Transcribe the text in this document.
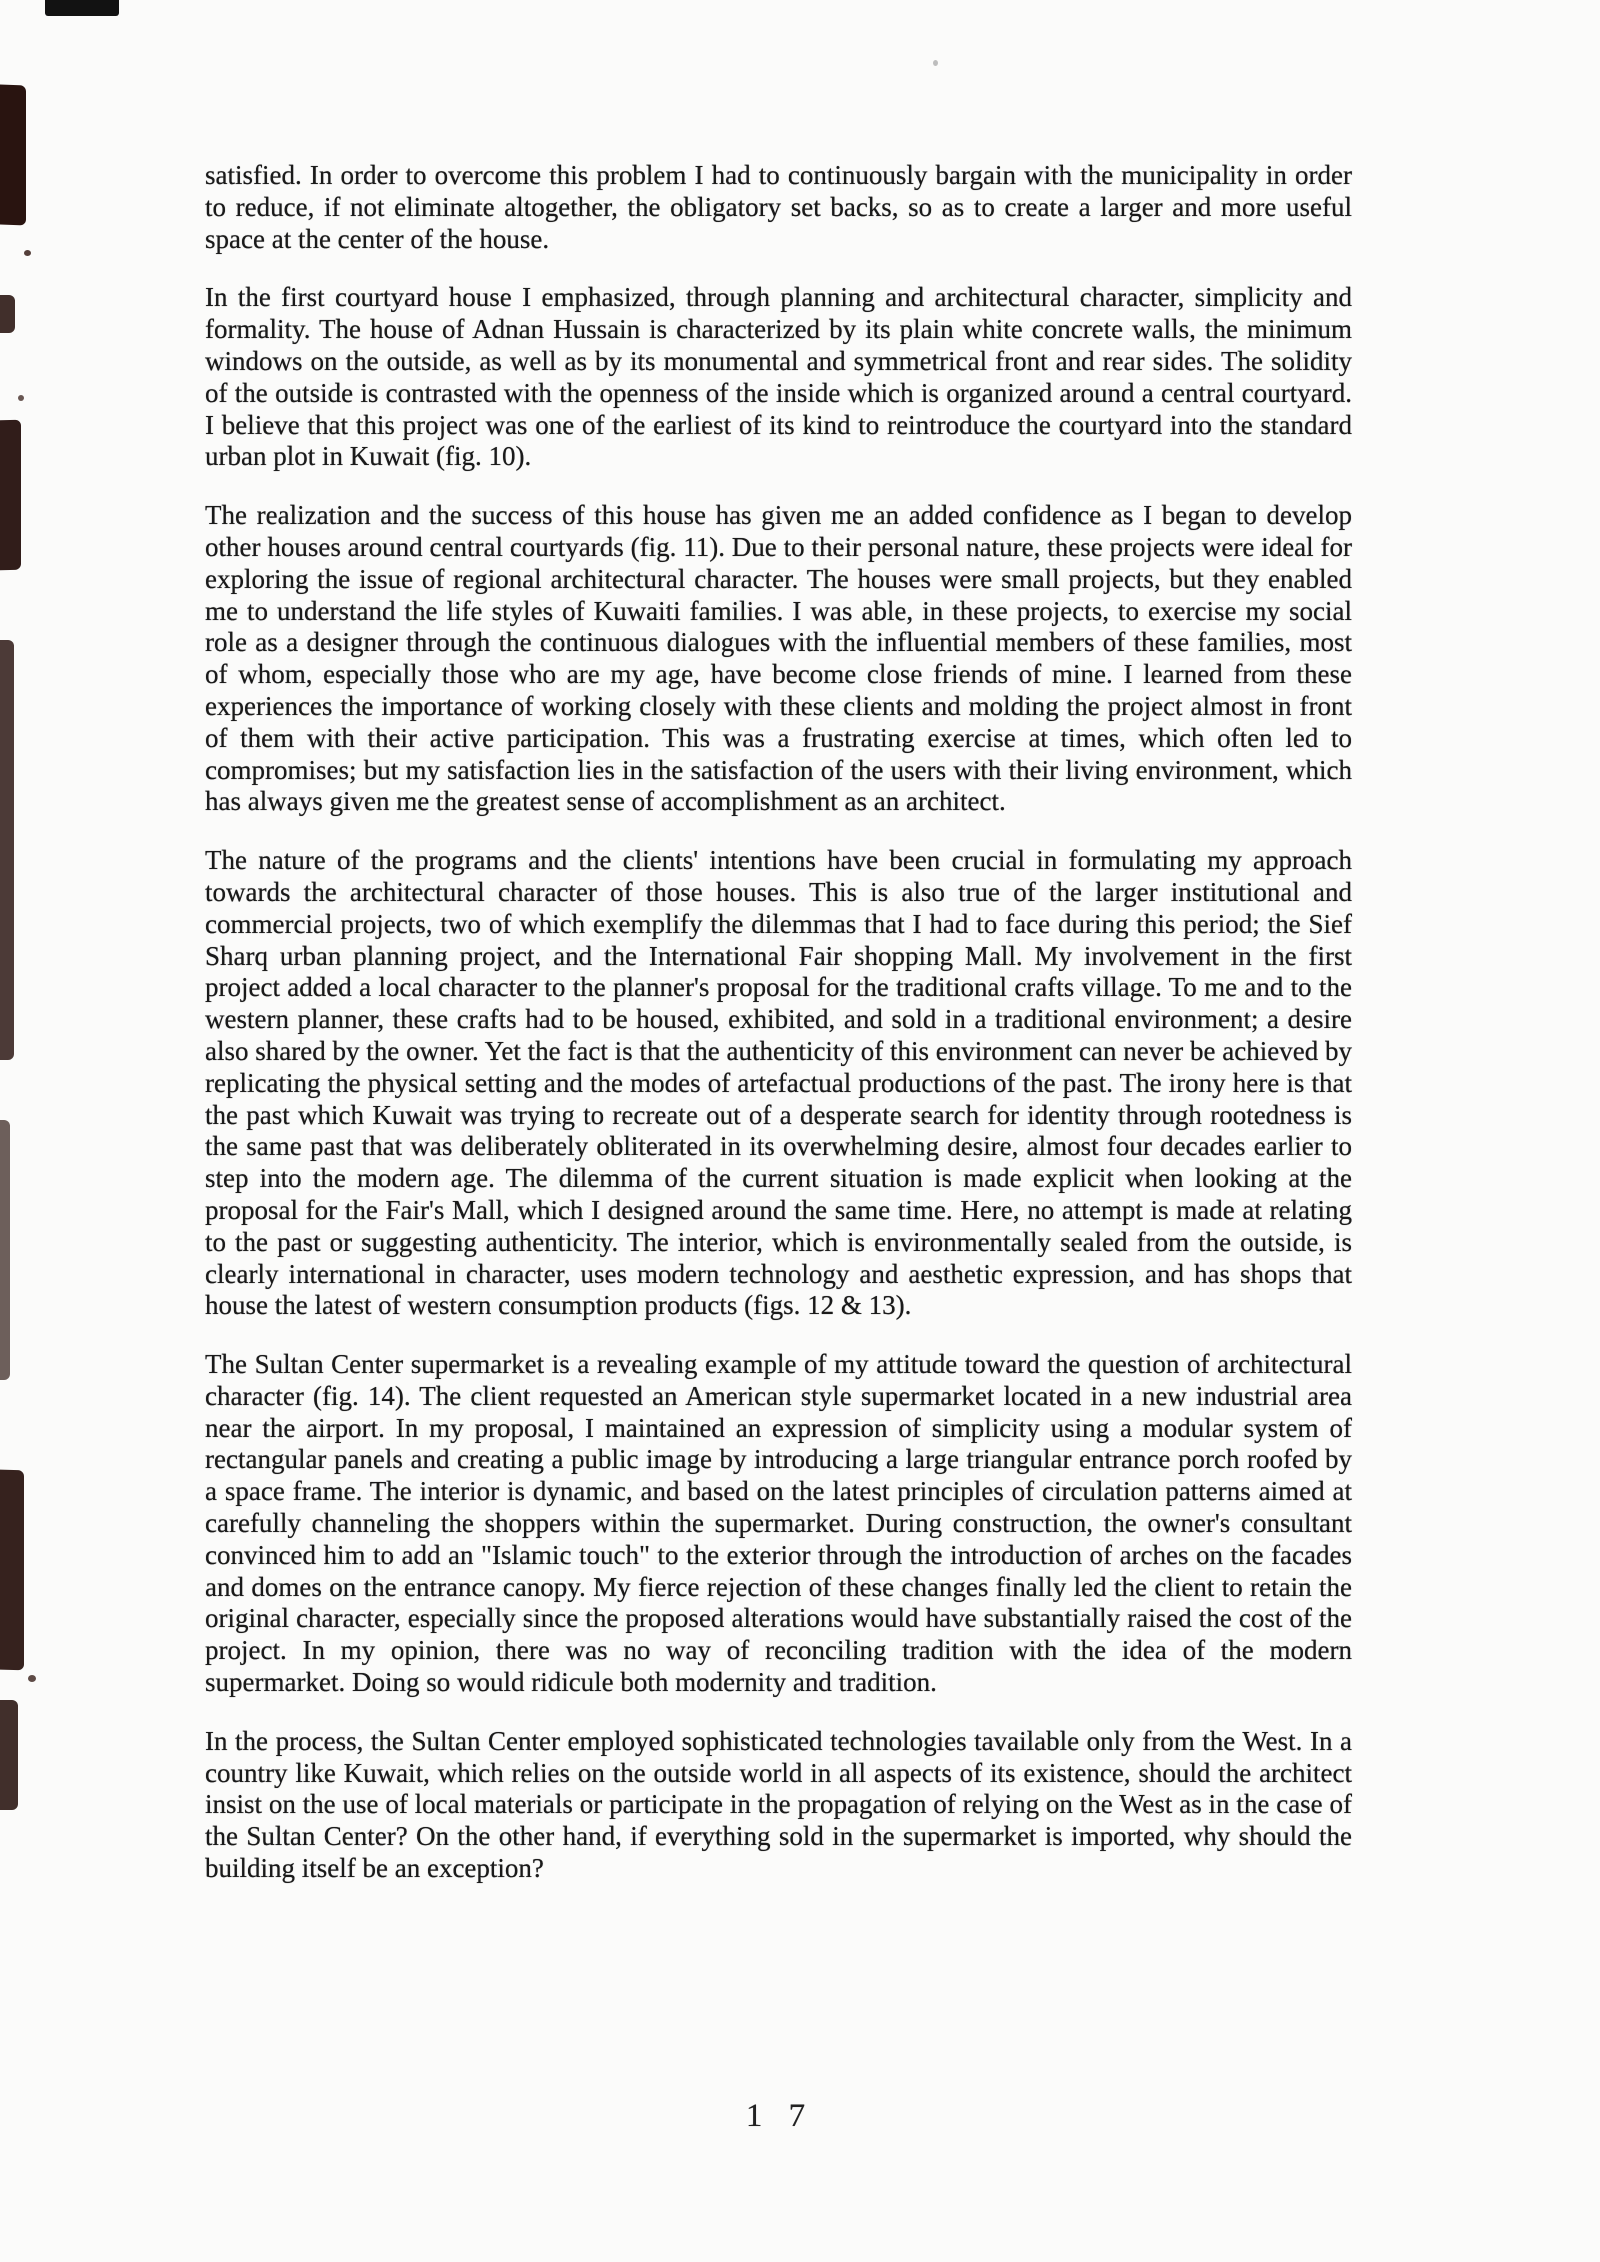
satisfied. In order to overcome this problem I had to continuously bargain with the municipality in order to reduce, if not eliminate altogether, the obligatory set backs, so as to create a larger and more useful space at the center of the house.

In the first courtyard house I emphasized, through planning and architectural character, simplicity and formality. The house of Adnan Hussain is characterized by its plain white concrete walls, the minimum windows on the outside, as well as by its monumental and symmetrical front and rear sides. The solidity of the outside is contrasted with the openness of the inside which is organized around a central courtyard. I believe that this project was one of the earliest of its kind to reintroduce the courtyard into the standard urban plot in Kuwait (fig. 10).

The realization and the success of this house has given me an added confidence as I began to develop other houses around central courtyards (fig. 11). Due to their personal nature, these projects were ideal for exploring the issue of regional architectural character. The houses were small projects, but they enabled me to understand the life styles of Kuwaiti families. I was able, in these projects, to exercise my social role as a designer through the continuous dialogues with the influential members of these families, most of whom, especially those who are my age, have become close friends of mine. I learned from these experiences the importance of working closely with these clients and molding the project almost in front of them with their active participation. This was a frustrating exercise at times, which often led to compromises; but my satisfaction lies in the satisfaction of the users with their living environment, which has always given me the greatest sense of accomplishment as an architect.

The nature of the programs and the clients' intentions have been crucial in formulating my approach towards the architectural character of those houses. This is also true of the larger institutional and commercial projects, two of which exemplify the dilemmas that I had to face during this period; the Sief Sharq urban planning project, and the International Fair shopping Mall. My involvement in the first project added a local character to the planner's proposal for the traditional crafts village. To me and to the western planner, these crafts had to be housed, exhibited, and sold in a traditional environment; a desire also shared by the owner. Yet the fact is that the authenticity of this environment can never be achieved by replicating the physical setting and the modes of artefactual productions of the past. The irony here is that the past which Kuwait was trying to recreate out of a desperate search for identity through rootedness is the same past that was deliberately obliterated in its overwhelming desire, almost four decades earlier to step into the modern age. The dilemma of the current situation is made explicit when looking at the proposal for the Fair's Mall, which I designed around the same time. Here, no attempt is made at relating to the past or suggesting authenticity. The interior, which is environmentally sealed from the outside, is clearly international in character, uses modern technology and aesthetic expression, and has shops that house the latest of western consumption products (figs. 12 & 13).

The Sultan Center supermarket is a revealing example of my attitude toward the question of architectural character (fig. 14). The client requested an American style supermarket located in a new industrial area near the airport. In my proposal, I maintained an expression of simplicity using a modular system of rectangular panels and creating a public image by introducing a large triangular entrance porch roofed by a space frame. The interior is dynamic, and based on the latest principles of circulation patterns aimed at carefully channeling the shoppers within the supermarket. During construction, the owner's consultant convinced him to add an "Islamic touch" to the exterior through the introduction of arches on the facades and domes on the entrance canopy. My fierce rejection of these changes finally led the client to retain the original character, especially since the proposed alterations would have substantially raised the cost of the project. In my opinion, there was no way of reconciling tradition with the idea of the modern supermarket. Doing so would ridicule both modernity and tradition.

In the process, the Sultan Center employed sophisticated technologies tavailable only from the West. In a country like Kuwait, which relies on the outside world in all aspects of its existence, should the architect insist on the use of local materials or participate in the propagation of relying on the West as in the case of the Sultan Center? On the other hand, if everything sold in the supermarket is imported, why should the building itself be an exception?

1 7
